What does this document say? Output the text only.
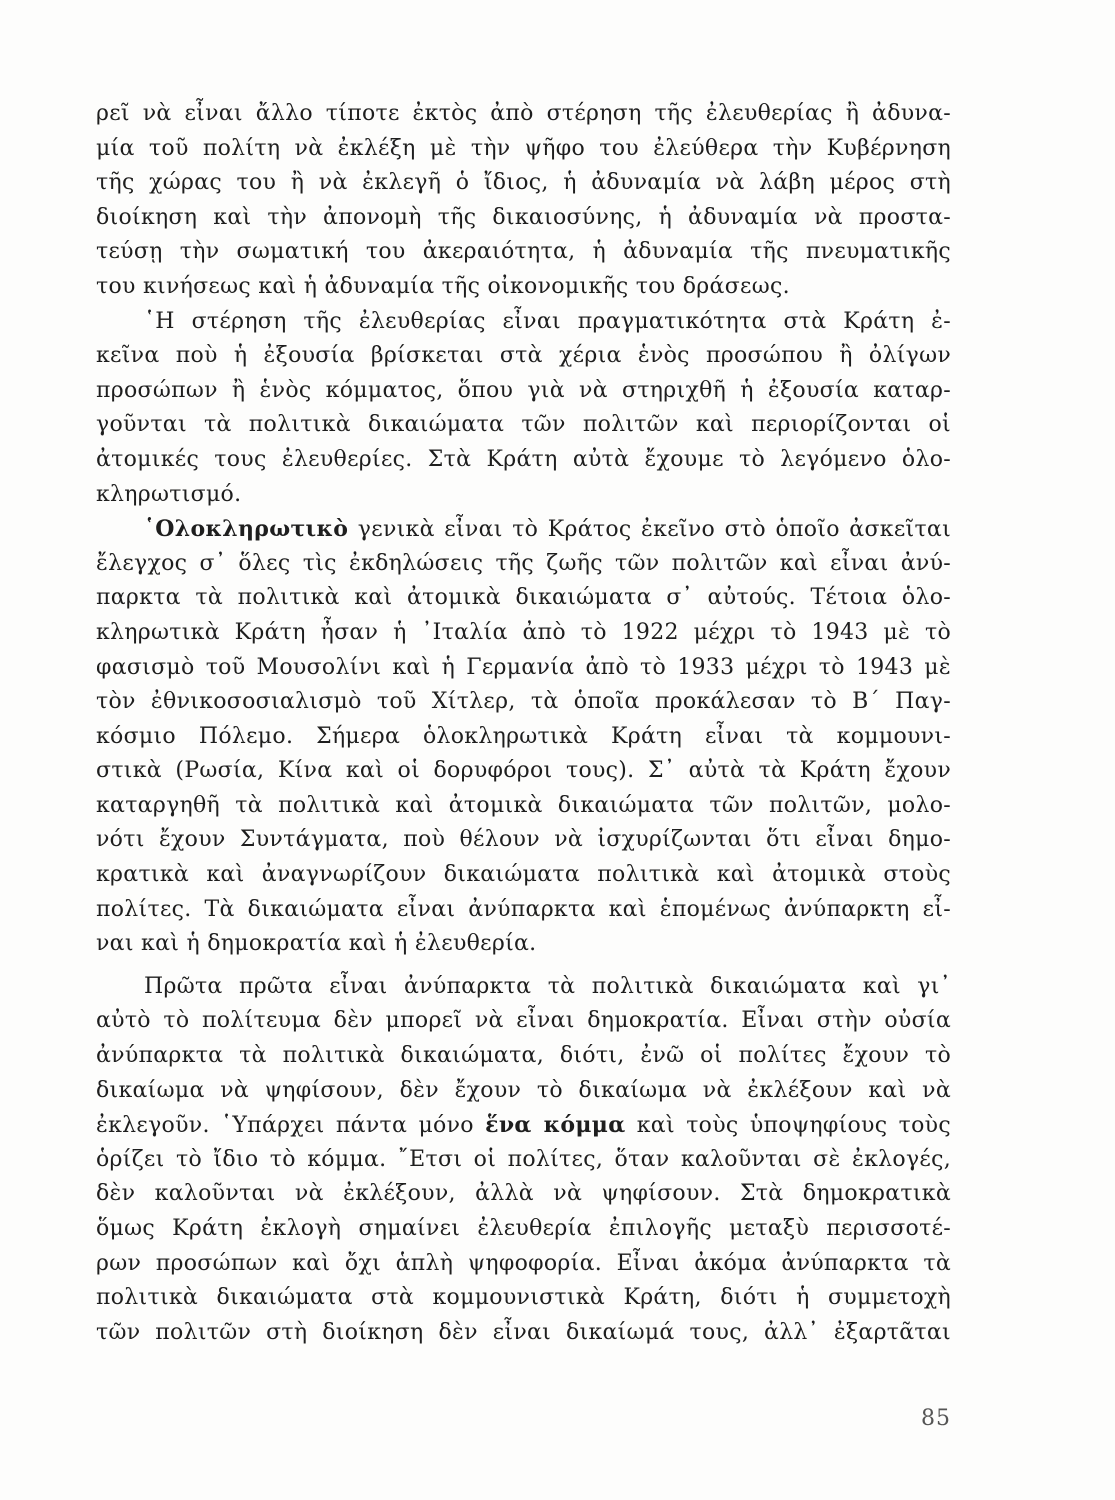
ρεῖ νὰ εἶναι ἄλλο τίποτε ἐκτὸς ἀπὸ στέρηση τῆς ἐλευθερίας ἢ ἀδυνα-
μία τοῦ πολίτη νὰ ἐκλέξη μὲ τὴν ψῆφο του ἐλεύθερα τὴν Κυβέρνηση
τῆς χώρας του ἢ νὰ ἐκλεγῆ ὁ ἴδιος, ἡ ἀδυναμία νὰ λάβη μέρος στὴ
διοίκηση καὶ τὴν ἀπονομὴ τῆς δικαιοσύνης, ἡ ἀδυναμία νὰ προστα-
τεύσῃ τὴν σωματική του ἀκεραιότητα, ἡ ἀδυναμία τῆς πνευματικῆς
του κινήσεως καὶ ἡ ἀδυναμία τῆς οἰκονομικῆς του δράσεως.
῾Η στέρηση τῆς ἐλευθερίας εἶναι πραγματικότητα στὰ Κράτη ἐ-
κεῖνα ποὺ ἡ ἐξουσία βρίσκεται στὰ χέρια ἑνὸς προσώπου ἢ ὀλίγων
προσώπων ἢ ἑνὸς κόμματος, ὅπου γιὰ νὰ στηριχθῆ ἡ ἐξουσία καταρ-
γοῦνται τὰ πολιτικὰ δικαιώματα τῶν πολιτῶν καὶ περιορίζονται οἱ
ἀτομικές τους ἐλευθερίες. Στὰ Κράτη αὐτὰ ἔχουμε τὸ λεγόμενο ὁλο-
κληρωτισμό.
῾Ολοκληρωτικὸ γενικὰ εἶναι τὸ Κράτος ἐκεῖνο στὸ ὁποῖο ἀσκεῖται
ἔλεγχος σ᾿ ὅλες τὶς ἐκδηλώσεις τῆς ζωῆς τῶν πολιτῶν καὶ εἶναι ἀνύ-
παρκτα τὰ πολιτικὰ καὶ ἀτομικὰ δικαιώματα σ᾿ αὐτούς. Τέτοια ὁλο-
κληρωτικὰ Κράτη ἦσαν ἡ ᾿Ιταλία ἀπὸ τὸ 1922 μέχρι τὸ 1943 μὲ τὸ
φασισμὸ τοῦ Μουσολίνι καὶ ἡ Γερμανία ἀπὸ τὸ 1933 μέχρι τὸ 1943 μὲ
τὸν ἐθνικοσοσιαλισμὸ τοῦ Χίτλερ, τὰ ὁποῖα προκάλεσαν τὸ Β΄ Παγ-
κόσμιο Πόλεμο. Σήμερα ὁλοκληρωτικὰ Κράτη εἶναι τὰ κομμουνι-
στικὰ (Ρωσία, Κίνα καὶ οἱ δορυφόροι τους). Σ᾿ αὐτὰ τὰ Κράτη ἔχουν
καταργηθῆ τὰ πολιτικὰ καὶ ἀτομικὰ δικαιώματα τῶν πολιτῶν, μολο-
νότι ἔχουν Συντάγματα, ποὺ θέλουν νὰ ἰσχυρίζωνται ὅτι εἶναι δημο-
κρατικὰ καὶ ἀναγνωρίζουν δικαιώματα πολιτικὰ καὶ ἀτομικὰ στοὺς
πολίτες. Τὰ δικαιώματα εἶναι ἀνύπαρκτα καὶ ἑπομένως ἀνύπαρκτη εἶ-
ναι καὶ ἡ δημοκρατία καὶ ἡ ἐλευθερία.
Πρῶτα πρῶτα εἶναι ἀνύπαρκτα τὰ πολιτικὰ δικαιώματα καὶ γι᾿
αὐτὸ τὸ πολίτευμα δὲν μπορεῖ νὰ εἶναι δημοκρατία. Εἶναι στὴν οὐσία
ἀνύπαρκτα τὰ πολιτικὰ δικαιώματα, διότι, ἐνῶ οἱ πολίτες ἔχουν τὸ
δικαίωμα νὰ ψηφίσουν, δὲν ἔχουν τὸ δικαίωμα νὰ ἐκλέξουν καὶ νὰ
ἐκλεγοῦν. ῾Υπάρχει πάντα μόνο ἕνα κόμμα καὶ τοὺς ὑποψηφίους τοὺς
ὁρίζει τὸ ἴδιο τὸ κόμμα. ῎Ετσι οἱ πολίτες, ὅταν καλοῦνται σὲ ἐκλογές,
δὲν καλοῦνται νὰ ἐκλέξουν, ἀλλὰ νὰ ψηφίσουν. Στὰ δημοκρατικὰ
ὅμως Κράτη ἐκλογὴ σημαίνει ἐλευθερία ἐπιλογῆς μεταξὺ περισσοτέ-
ρων προσώπων καὶ ὄχι ἁπλὴ ψηφοφορία. Εἶναι ἀκόμα ἀνύπαρκτα τὰ
πολιτικὰ δικαιώματα στὰ κομμουνιστικὰ Κράτη, διότι ἡ συμμετοχὴ
τῶν πολιτῶν στὴ διοίκηση δὲν εἶναι δικαίωμά τους, ἀλλ᾿ ἐξαρτᾶται
85
